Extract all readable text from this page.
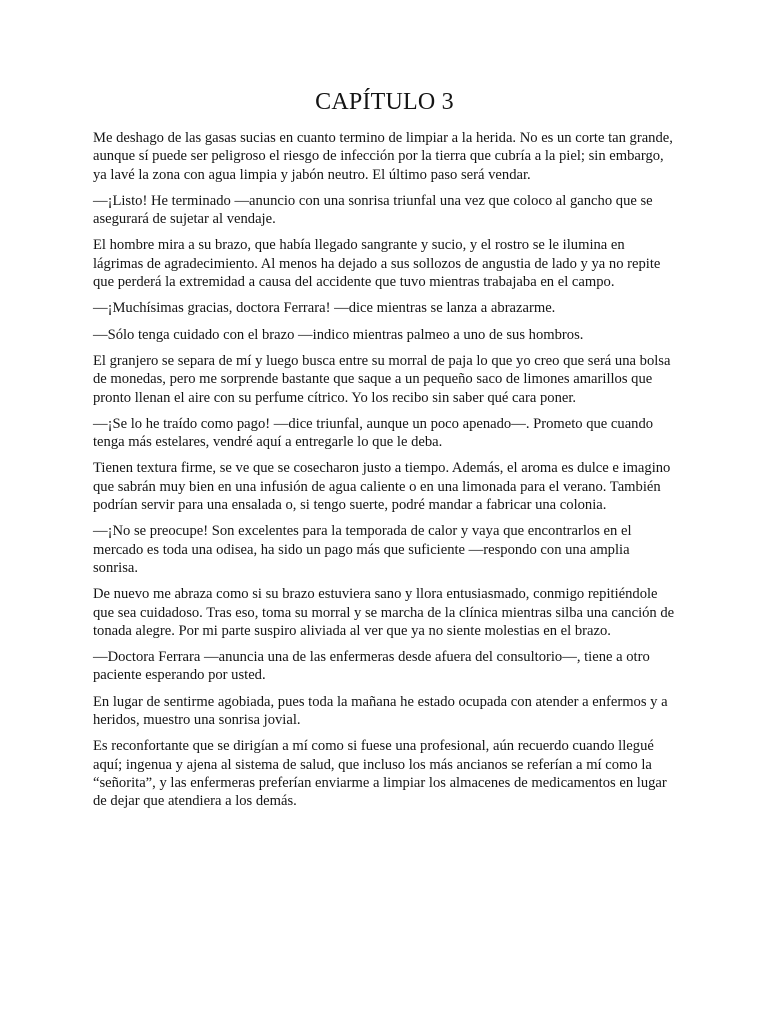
CAPÍTULO 3

Me deshago de las gasas sucias en cuanto termino de limpiar a la herida. No es un corte tan grande, aunque sí puede ser peligroso el riesgo de infección por la tierra que cubría a la piel; sin embargo, ya lavé la zona con agua limpia y jabón neutro. El último paso será vendar.

—¡Listo! He terminado —anuncio con una sonrisa triunfal una vez que coloco al gancho que se asegurará de sujetar al vendaje.

El hombre mira a su brazo, que había llegado sangrante y sucio, y el rostro se le ilumina en lágrimas de agradecimiento. Al menos ha dejado a sus sollozos de angustia de lado y ya no repite que perderá la extremidad a causa del accidente que tuvo mientras trabajaba en el campo.

—¡Muchísimas gracias, doctora Ferrara! —dice mientras se lanza a abrazarme.

—Sólo tenga cuidado con el brazo —indico mientras palmeo a uno de sus hombros.

El granjero se separa de mí y luego busca entre su morral de paja lo que yo creo que será una bolsa de monedas, pero me sorprende bastante que saque a un pequeño saco de limones amarillos que pronto llenan el aire con su perfume cítrico. Yo los recibo sin saber qué cara poner.

—¡Se lo he traído como pago! —dice triunfal, aunque un poco apenado—. Prometo que cuando tenga más estelares, vendré aquí a entregarle lo que le deba.

Tienen textura firme, se ve que se cosecharon justo a tiempo. Además, el aroma es dulce e imagino que sabrán muy bien en una infusión de agua caliente o en una limonada para el verano. También podrían servir para una ensalada o, si tengo suerte, podré mandar a fabricar una colonia.

—¡No se preocupe! Son excelentes para la temporada de calor y vaya que encontrarlos en el mercado es toda una odisea, ha sido un pago más que suficiente —respondo con una amplia sonrisa.

De nuevo me abraza como si su brazo estuviera sano y llora entusiasmado, conmigo repitiéndole que sea cuidadoso. Tras eso, toma su morral y se marcha de la clínica mientras silba una canción de tonada alegre. Por mi parte suspiro aliviada al ver que ya no siente molestias en el brazo.

—Doctora Ferrara —anuncia una de las enfermeras desde afuera del consultorio—, tiene a otro paciente esperando por usted.

En lugar de sentirme agobiada, pues toda la mañana he estado ocupada con atender a enfermos y a heridos, muestro una sonrisa jovial.

Es reconfortante que se dirigían a mí como si fuese una profesional, aún recuerdo cuando llegué aquí; ingenua y ajena al sistema de salud, que incluso los más ancianos se referían a mí como la “señorita”, y las enfermeras preferían enviarme a limpiar los almacenes de medicamentos en lugar de dejar que atendiera a los demás.
